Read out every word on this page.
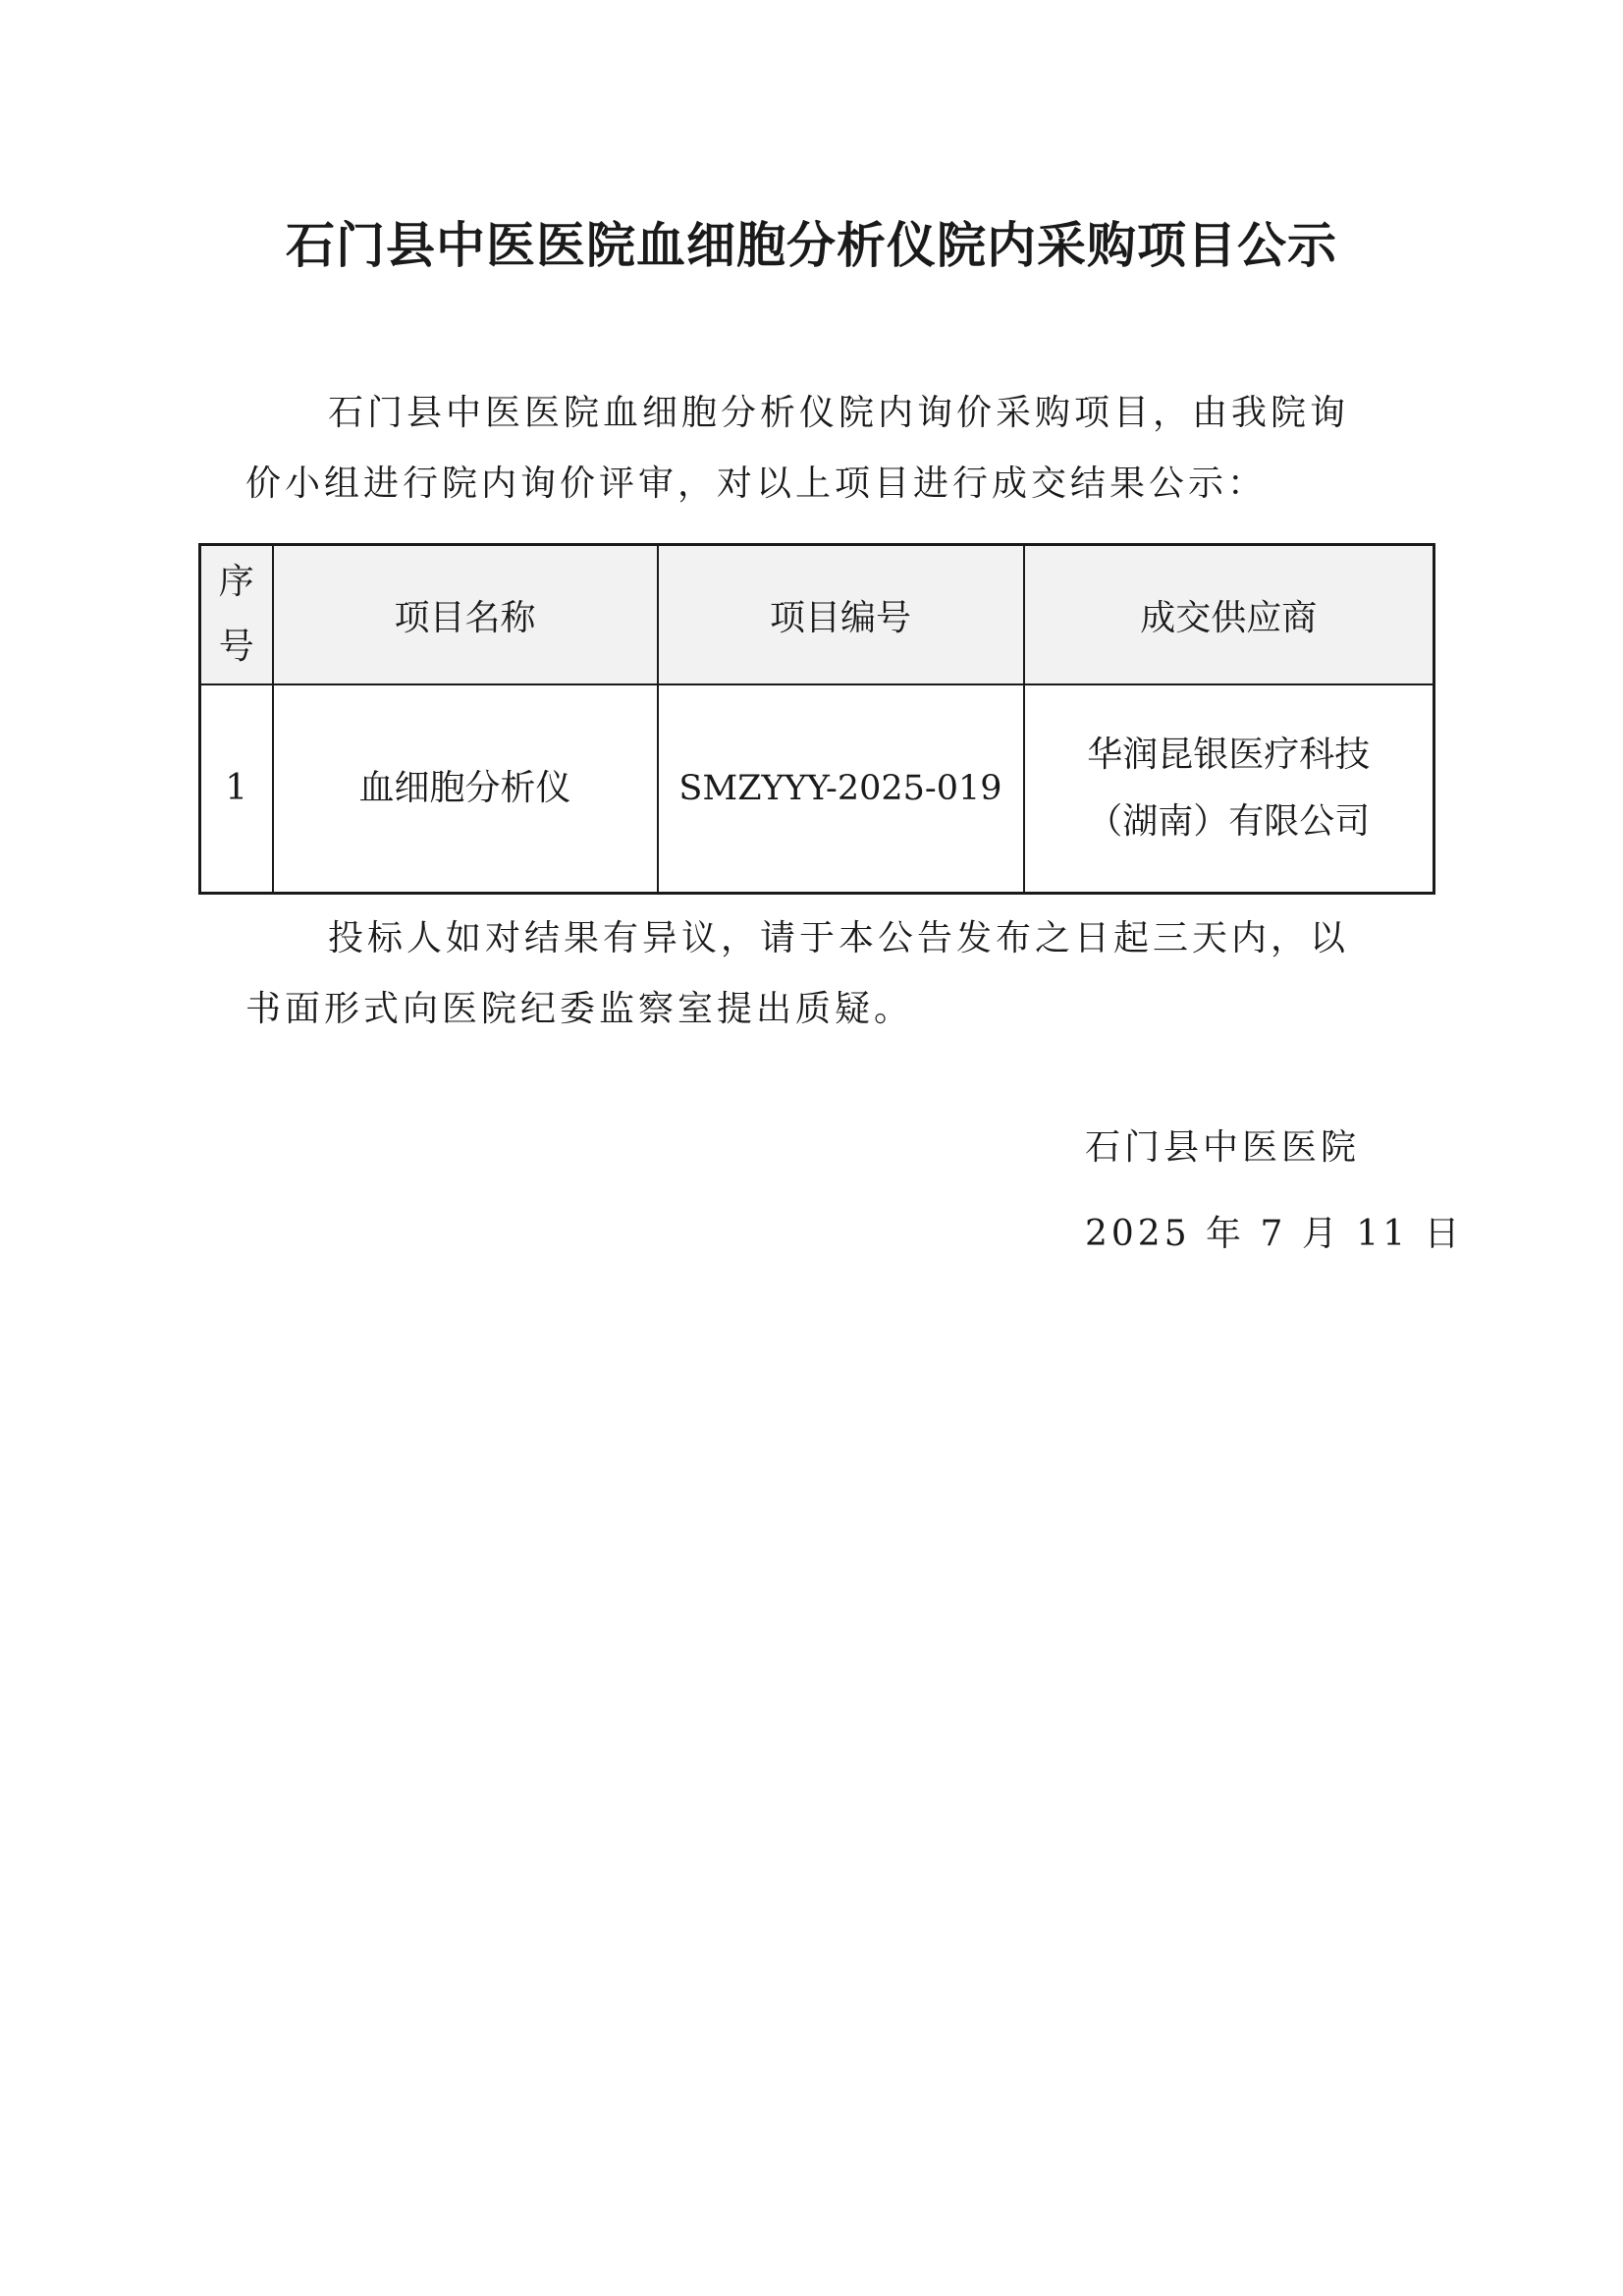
石门县中医医院血细胞分析仪院内采购项目公示
石门县中医医院血细胞分析仪院内询价采购项目，由我院询
价小组进行院内询价评审，对以上项目进行成交结果公示：
序号	项目名称	项目编号	成交供应商
1	血细胞分析仪	SMZYYY-2025-019	华润昆银医疗科技（湖南）有限公司
投标人如对结果有异议，请于本公告发布之日起三天内，以
书面形式向医院纪委监察室提出质疑。
石门县中医医院
2025 年 7 月 11 日
